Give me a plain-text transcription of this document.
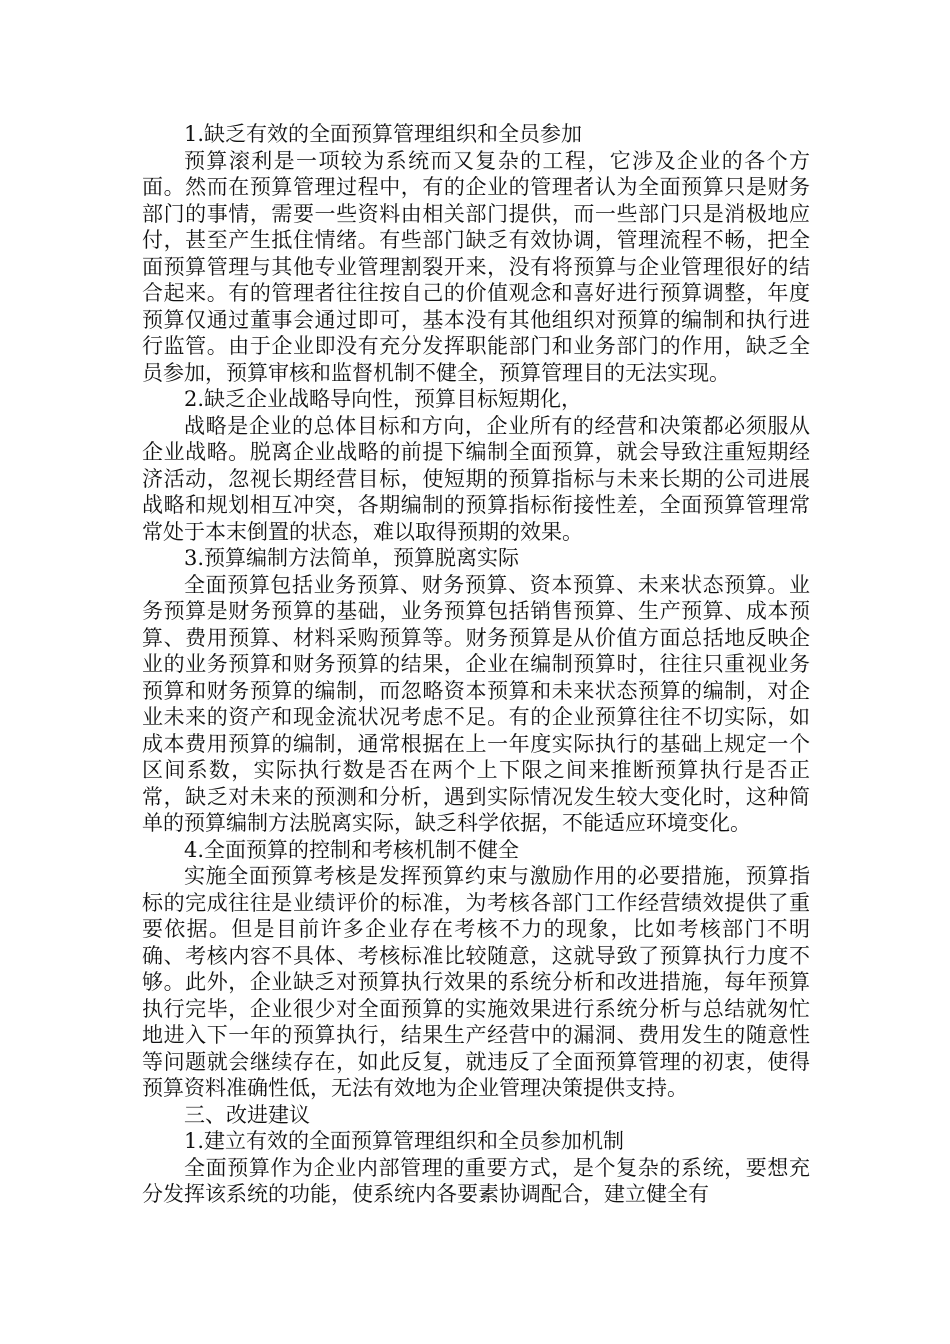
1.缺乏有效的全面预算管理组织和全员参加

预算滚利是一项较为系统而又复杂的工程，它涉及企业的各个方面。然而在预算管理过程中，有的企业的管理者认为全面预算只是财务部门的事情，需要一些资料由相关部门提供，而一些部门只是消极地应付，甚至产生抵住情绪。有些部门缺乏有效协调，管理流程不畅，把全面预算管理与其他专业管理割裂开来，没有将预算与企业管理很好的结合起来。有的管理者往往按自己的价值观念和喜好进行预算调整，年度预算仅通过董事会通过即可，基本没有其他组织对预算的编制和执行进行监管。由于企业即没有充分发挥职能部门和业务部门的作用，缺乏全员参加，预算审核和监督机制不健全，预算管理目的无法实现。

2.缺乏企业战略导向性，预算目标短期化，

战略是企业的总体目标和方向，企业所有的经营和决策都必须服从企业战略。脱离企业战略的前提下编制全面预算，就会导致注重短期经济活动，忽视长期经营目标，使短期的预算指标与未来长期的公司进展战略和规划相互冲突，各期编制的预算指标衔接性差，全面预算管理常常处于本末倒置的状态，难以取得预期的效果。

3.预算编制方法简单，预算脱离实际

全面预算包括业务预算、财务预算、资本预算、未来状态预算。业务预算是财务预算的基础，业务预算包括销售预算、生产预算、成本预算、费用预算、材料采购预算等。财务预算是从价值方面总括地反映企业的业务预算和财务预算的结果，企业在编制预算时，往往只重视业务预算和财务预算的编制，而忽略资本预算和未来状态预算的编制，对企业未来的资产和现金流状况考虑不足。有的企业预算往往不切实际，如成本费用预算的编制，通常根据在上一年度实际执行的基础上规定一个区间系数，实际执行数是否在两个上下限之间来推断预算执行是否正常，缺乏对未来的预测和分析，遇到实际情况发生较大变化时，这种简单的预算编制方法脱离实际，缺乏科学依据，不能适应环境变化。

4.全面预算的控制和考核机制不健全

实施全面预算考核是发挥预算约束与激励作用的必要措施，预算指标的完成往往是业绩评价的标准，为考核各部门工作经营绩效提供了重要依据。但是目前许多企业存在考核不力的现象，比如考核部门不明确、考核内容不具体、考核标准比较随意，这就导致了预算执行力度不够。此外，企业缺乏对预算执行效果的系统分析和改进措施，每年预算执行完毕，企业很少对全面预算的实施效果进行系统分析与总结就匆忙地进入下一年的预算执行，结果生产经营中的漏洞、费用发生的随意性等问题就会继续存在，如此反复，就违反了全面预算管理的初衷，使得预算资料准确性低，无法有效地为企业管理决策提供支持。

三、改进建议

1.建立有效的全面预算管理组织和全员参加机制

全面预算作为企业内部管理的重要方式，是个复杂的系统，要想充分发挥该系统的功能，使系统内各要素协调配合，建立健全有
